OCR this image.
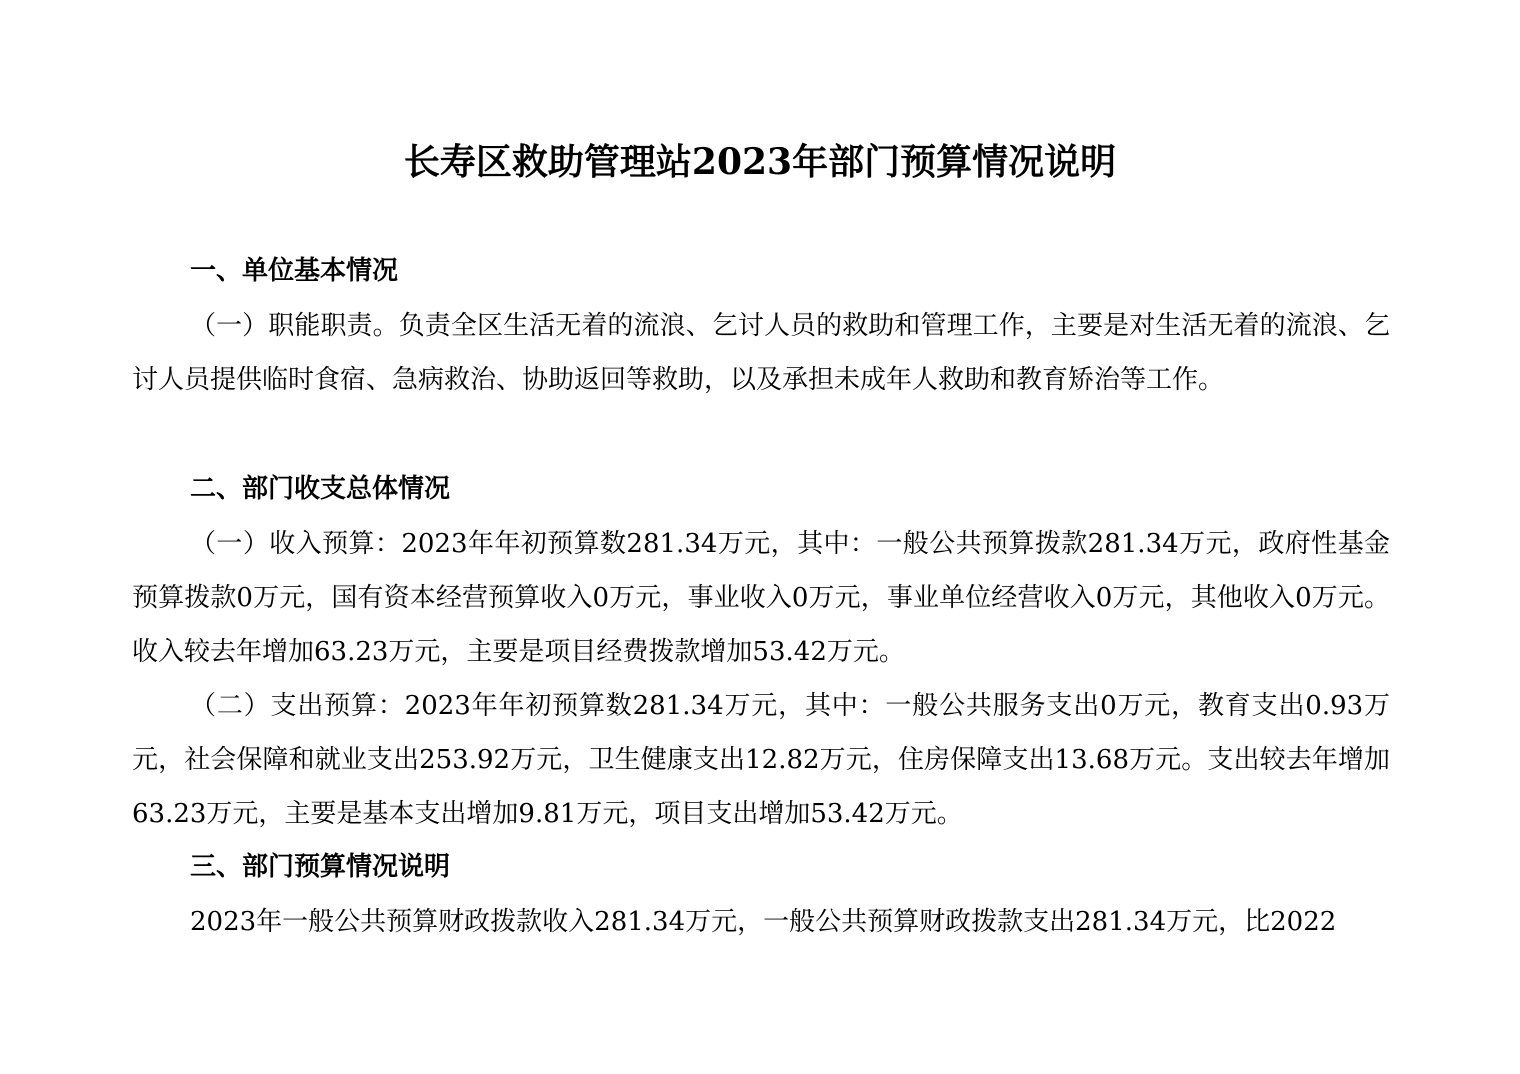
长寿区救助管理站2023年部门预算情况说明
一、单位基本情况
（一）职能职责。负责全区生活无着的流浪、乞讨人员的救助和管理工作，主要是对生活无着的流浪、乞讨人员提供临时食宿、急病救治、协助返回等救助，以及承担未成年人救助和教育矫治等工作。
二、部门收支总体情况
（一）收入预算：2023年年初预算数281.34万元，其中：一般公共预算拨款281.34万元，政府性基金预算拨款0万元，国有资本经营预算收入0万元，事业收入0万元，事业单位经营收入0万元，其他收入0万元。收入较去年增加63.23万元，主要是项目经费拨款增加53.42万元。
（二）支出预算：2023年年初预算数281.34万元，其中：一般公共服务支出0万元，教育支出0.93万元，社会保障和就业支出253.92万元，卫生健康支出12.82万元，住房保障支出13.68万元。支出较去年增加63.23万元，主要是基本支出增加9.81万元，项目支出增加53.42万元。
三、部门预算情况说明
2023年一般公共预算财政拨款收入281.34万元，一般公共预算财政拨款支出281.34万元，比2022
